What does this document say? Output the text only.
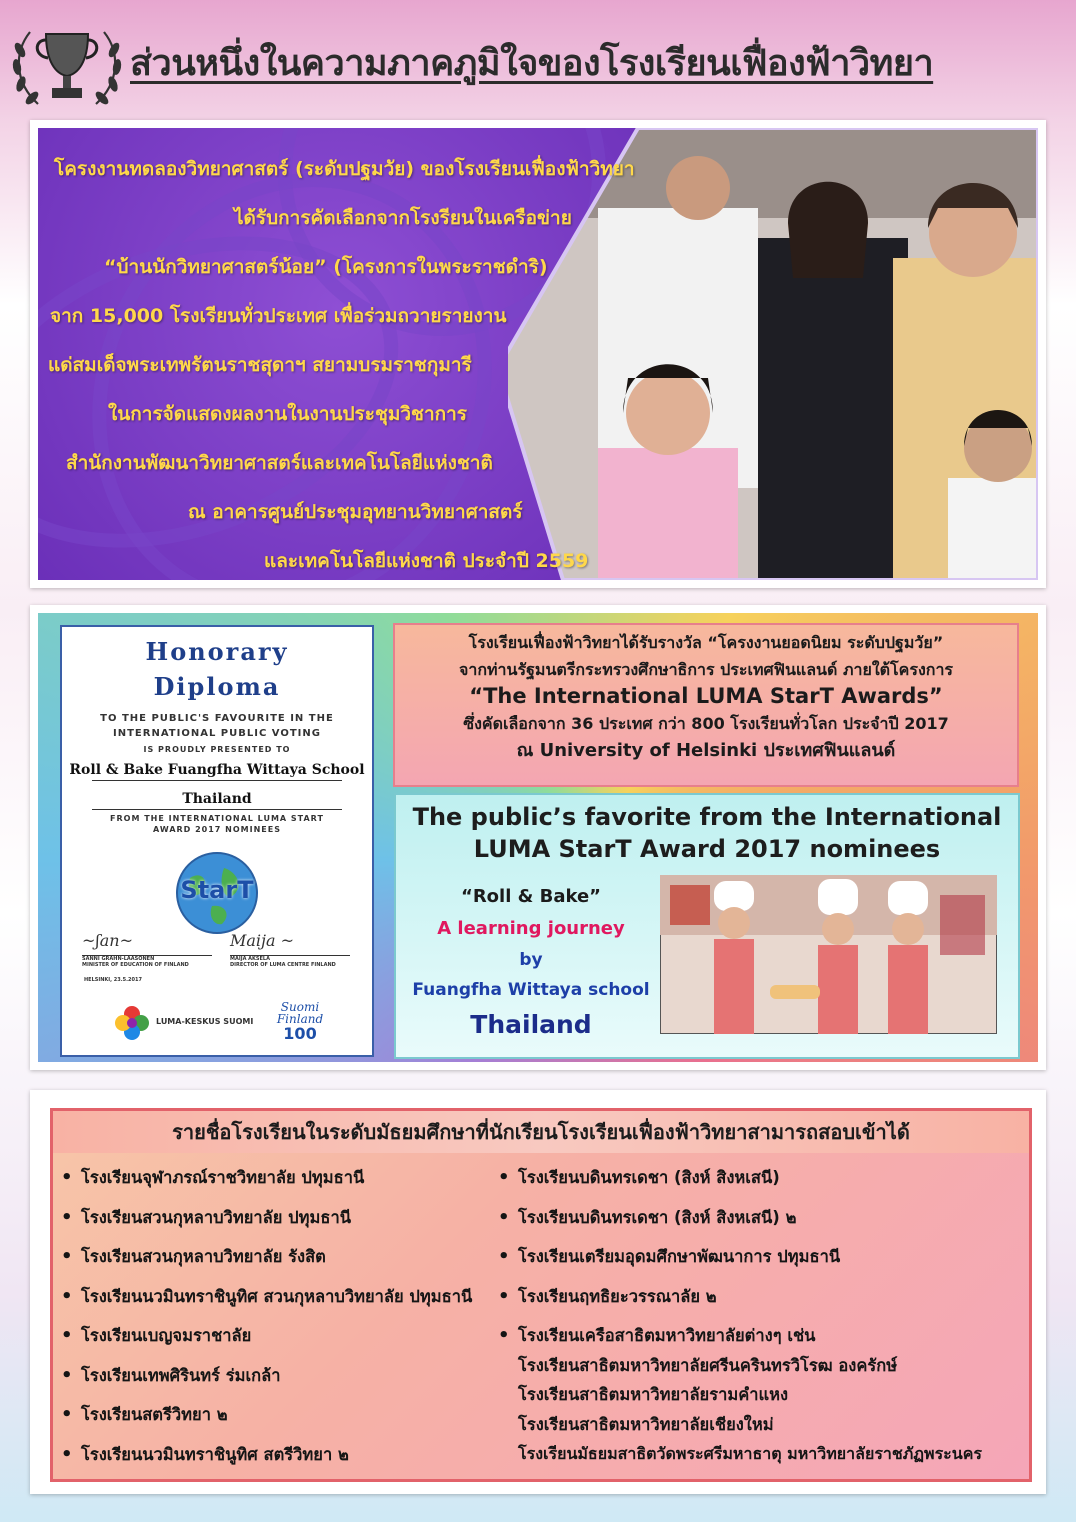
ส่วนหนึ่งในความภาคภูมิใจของโรงเรียนเฟื่องฟ้าวิทยา
โครงงานทดลองวิทยาศาสตร์ (ระดับปฐมวัย) ของโรงเรียนเฟื่องฟ้าวิทยา
ได้รับการคัดเลือกจากโรงรียนในเครือข่าย
“บ้านนักวิทยาศาสตร์น้อย” (โครงการในพระราชดำริ)
จาก 15,000 โรงเรียนทั่วประเทศ เพื่อร่วมถวายรายงาน
แด่สมเด็จพระเทพรัตนราชสุดาฯ สยามบรมราชกุมารี
ในการจัดแสดงผลงานในงานประชุมวิชาการ
สำนักงานพัฒนาวิทยาศาสตร์และเทคโนโลยีแห่งชาติ
ณ อาคารศูนย์ประชุมอุทยานวิทยาศาสตร์
และเทคโนโลยีแห่งชาติ ประจำปี 2559
Honorary
Diploma
TO THE PUBLIC'S FAVOURITE IN THE
INTERNATIONAL PUBLIC VOTING
IS PROUDLY PRESENTED TO
Roll & Bake Fuangfha Wittaya School
Thailand
FROM THE INTERNATIONAL LUMA START
AWARD 2017 NOMINEES
StarT
~ʃan~
SANNI GRAHN-LAASONEN
MINISTER OF EDUCATION OF FINLAND
Maija ~
MAIJA AKSELA
DIRECTOR OF LUMA CENTRE FINLAND
HELSINKI, 23.5.2017
LUMA-KESKUS SUOMI
Suomi
Finland
100
โรงเรียนเฟื่องฟ้าวิทยาได้รับรางวัล “โครงงานยอดนิยม ระดับปฐมวัย”
จากท่านรัฐมนตรีกระทรวงศึกษาธิการ ประเทศฟินแลนด์ ภายใต้โครงการ
“The International LUMA StarT Awards”
ซึ่งคัดเลือกจาก 36 ประเทศ กว่า 800 โรงเรียนทั่วโลก ประจำปี 2017
ณ University of Helsinki ประเทศฟินแลนด์
The public’s favorite from the International
LUMA StarT Award 2017 nominees
“Roll & Bake”
A learning journey
by
Fuangfha Wittaya school
Thailand
รายชื่อโรงเรียนในระดับมัธยมศึกษาที่นักเรียนโรงเรียนเฟื่องฟ้าวิทยาสามารถสอบเข้าได้
• โรงเรียนจุฬาภรณ์ราชวิทยาลัย ปทุมธานี
• โรงเรียนสวนกุหลาบวิทยาลัย ปทุมธานี
• โรงเรียนสวนกุหลาบวิทยาลัย รังสิต
• โรงเรียนนวมินทราชินูทิศ สวนกุหลาบวิทยาลัย ปทุมธานี
• โรงเรียนเบญจมราชาลัย
• โรงเรียนเทพศิรินทร์ ร่มเกล้า
• โรงเรียนสตรีวิทยา ๒
• โรงเรียนนวมินทราชินูทิศ สตรีวิทยา ๒
• โรงเรียนบดินทรเดชา (สิงห์ สิงหเสนี)
• โรงเรียนบดินทรเดชา (สิงห์ สิงหเสนี) ๒
• โรงเรียนเตรียมอุดมศึกษาพัฒนาการ ปทุมธานี
• โรงเรียนฤทธิยะวรรณาลัย ๒
• โรงเรียนเครือสาธิตมหาวิทยาลัยต่างๆ เช่น
โรงเรียนสาธิตมหาวิทยาลัยศรีนครินทรวิโรฒ องครักษ์
โรงเรียนสาธิตมหาวิทยาลัยรามคำแหง
โรงเรียนสาธิตมหาวิทยาลัยเชียงใหม่
โรงเรียนมัธยมสาธิตวัดพระศรีมหาธาตุ มหาวิทยาลัยราชภัฏพระนคร
